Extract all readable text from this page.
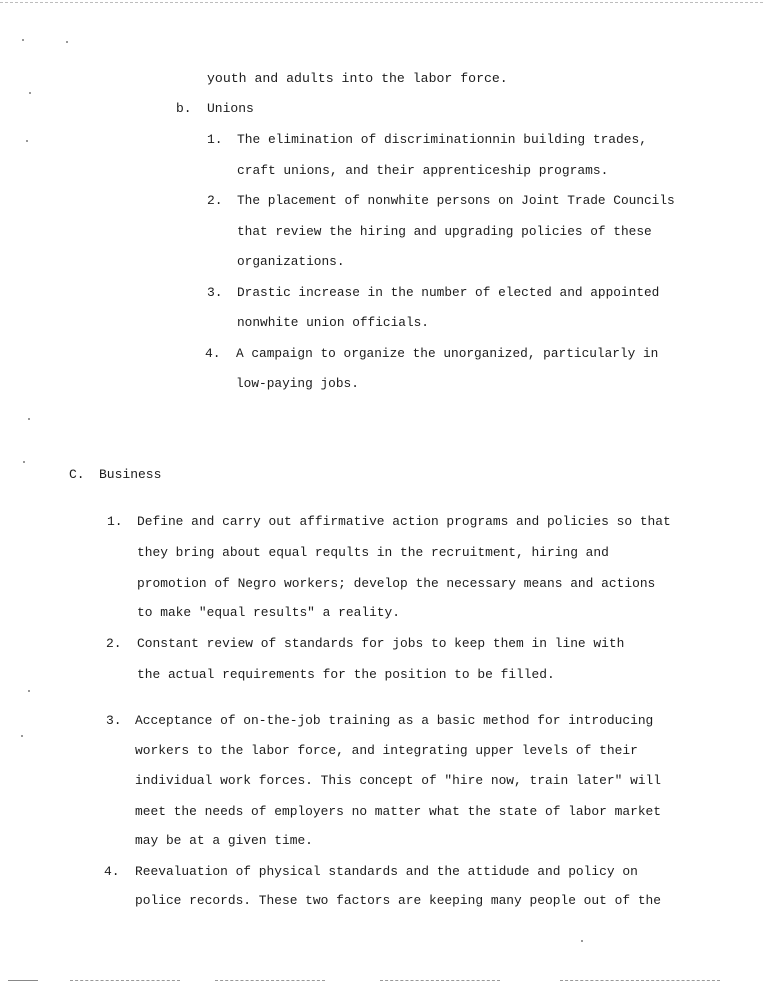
youth and adults into the labor force.
b. Unions
1. The elimination of discriminationnin building trades,
craft unions, and their apprenticeship programs.
2. The placement of nonwhite persons on Joint Trade Councils
that review the hiring and upgrading policies of these
organizations.
3. Drastic increase in the number of elected and appointed
nonwhite union officials.
4. A campaign to organize the unorganized, particularly in
low-paying jobs.
C. Business
1. Define and carry out affirmative action programs and policies so that
they bring about equal reqults in the recruitment, hiring and
promotion of Negro workers; develop the necessary means and actions
to make "equal results" a reality.
2. Constant review of standards for jobs to keep them in line with
the actual requirements for the position to be filled.
3. Acceptance of on-the-job training as a basic method for introducing
workers to the labor force, and integrating upper levels of their
individual work forces. This concept of "hire now, train later" will
meet the needs of employers no matter what the state of labor market
may be at a given time.
4. Reevaluation of physical standards and the attidude and policy on
police records. These two factors are keeping many people out of the
